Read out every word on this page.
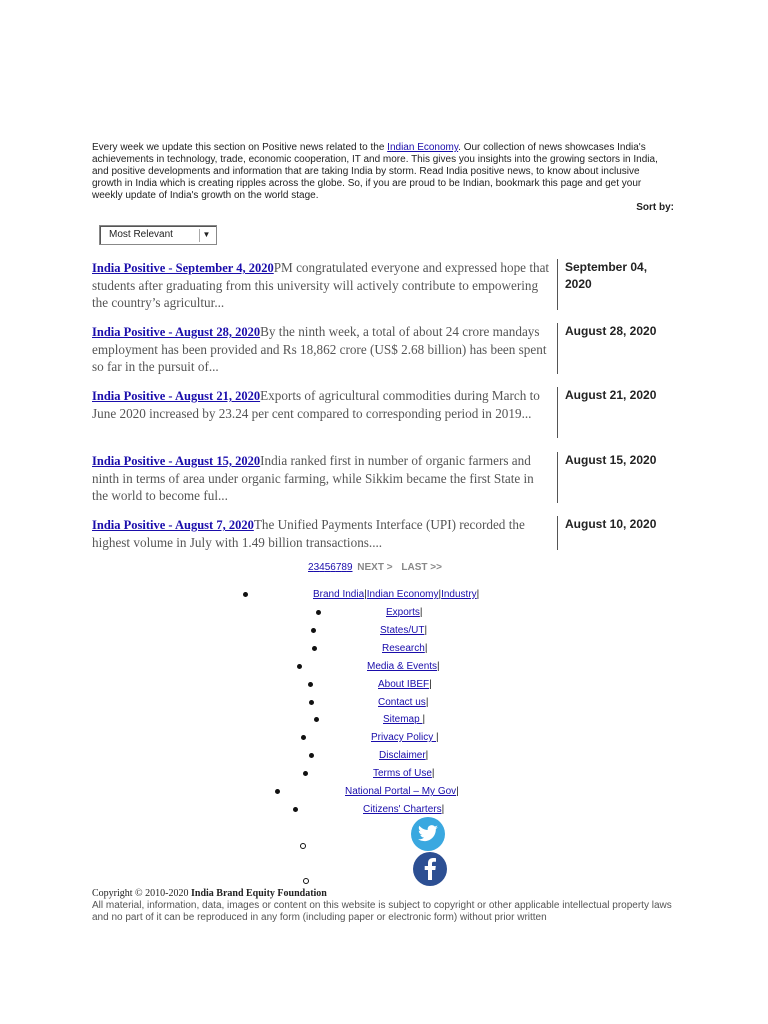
Every week we update this section on Positive news related to the Indian Economy. Our collection of news showcases India's achievements in technology, trade, economic cooperation, IT and more. This gives you insights into the growing sectors in India, and positive developments and information that are taking India by storm. Read India positive news, to know about inclusive growth in India which is creating ripples across the globe. So, if you are proud to be Indian, bookmark this page and get your weekly update of India's growth on the world stage.
Sort by:
Most Relevant	▼
India Positive - September 4, 2020PM congratulated everyone and expressed hope that students after graduating from this university will actively contribute to empowering the country’s agricultur...
September 04, 2020
India Positive - August 28, 2020By the ninth week, a total of about 24 crore mandays employment has been provided and Rs 18,862 crore (US$ 2.68 billion) has been spent so far in the pursuit of...
August 28, 2020
India Positive - August 21, 2020Exports of agricultural commodities during March to June 2020 increased by 23.24 per cent compared to corresponding period in 2019...
August 21, 2020
India Positive - August 15, 2020India ranked first in number of organic farmers and ninth in terms of area under organic farming, while Sikkim became the first State in the world to become ful...
August 15, 2020
India Positive - August 7, 2020The Unified Payments Interface (UPI) recorded the highest volume in July with 1.49 billion transactions....
August 10, 2020
23456789 NEXT > LAST >>
Brand India|Indian Economy|Industry|
Exports|
States/UT|
Research|
Media & Events|
About IBEF|
Contact us|
Sitemap |
Privacy Policy |
Disclaimer|
Terms of Use|
National Portal – My Gov|
Citizens' Charters|
Copyright © 2010-2020 India Brand Equity Foundation
All material, information, data, images or content on this website is subject to copyright or other applicable intellectual property laws and no part of it can be reproduced in any form (including paper or electronic form) without prior written
